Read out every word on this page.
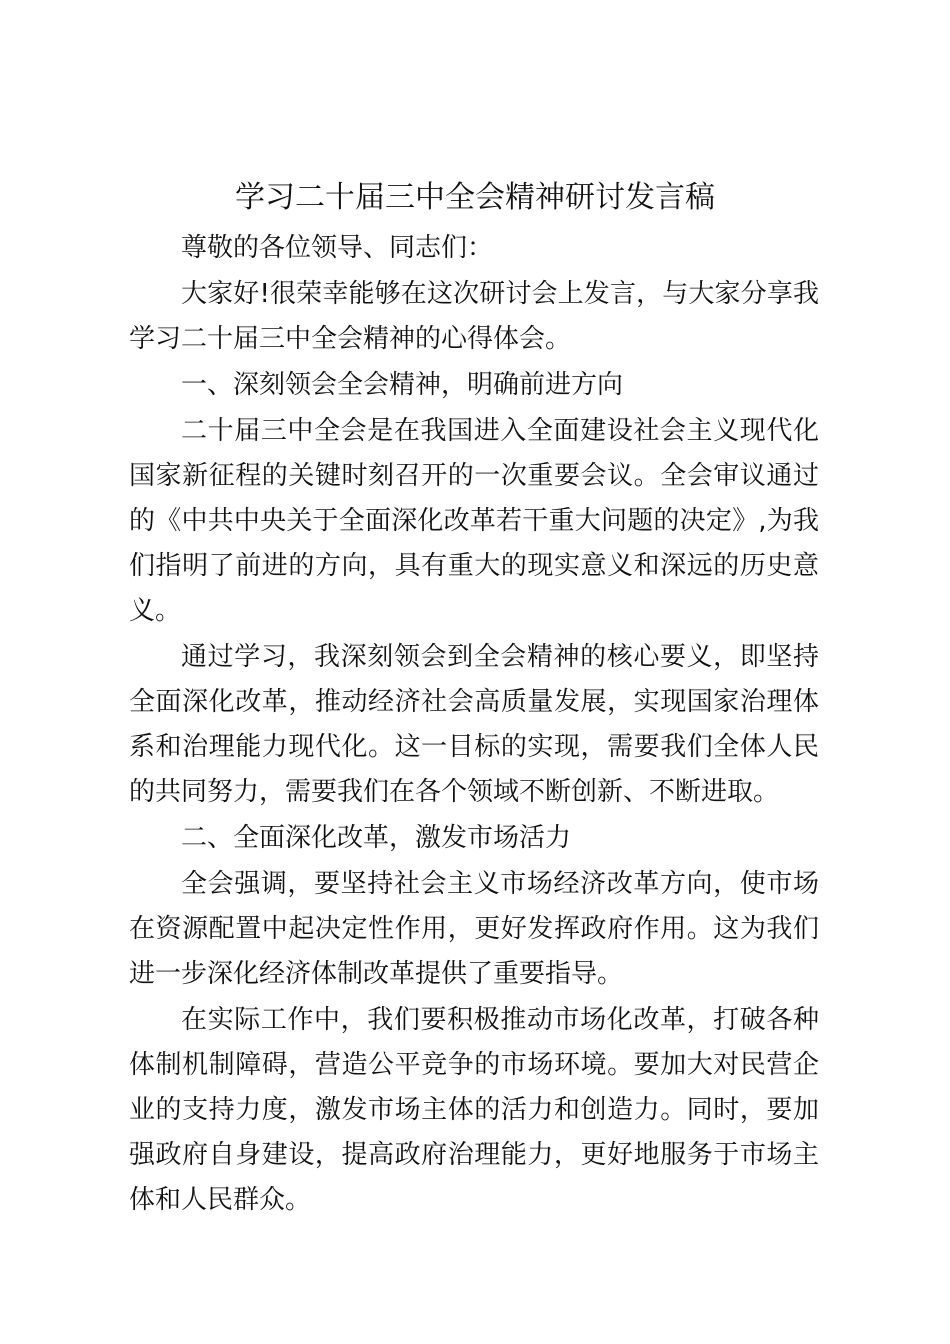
学习二十届三中全会精神研讨发言稿

尊敬的各位领导、同志们：

大家好!很荣幸能够在这次研讨会上发言，与大家分享我学习二十届三中全会精神的心得体会。

一、深刻领会全会精神，明确前进方向

二十届三中全会是在我国进入全面建设社会主义现代化国家新征程的关键时刻召开的一次重要会议。全会审议通过的《中共中央关于全面深化改革若干重大问题的决定》,为我们指明了前进的方向，具有重大的现实意义和深远的历史意义。

通过学习，我深刻领会到全会精神的核心要义，即坚持全面深化改革，推动经济社会高质量发展，实现国家治理体系和治理能力现代化。这一目标的实现，需要我们全体人民的共同努力，需要我们在各个领域不断创新、不断进取。

二、全面深化改革，激发市场活力

全会强调，要坚持社会主义市场经济改革方向，使市场在资源配置中起决定性作用，更好发挥政府作用。这为我们进一步深化经济体制改革提供了重要指导。

在实际工作中，我们要积极推动市场化改革，打破各种体制机制障碍，营造公平竞争的市场环境。要加大对民营企业的支持力度，激发市场主体的活力和创造力。同时，要加强政府自身建设，提高政府治理能力，更好地服务于市场主体和人民群众。
